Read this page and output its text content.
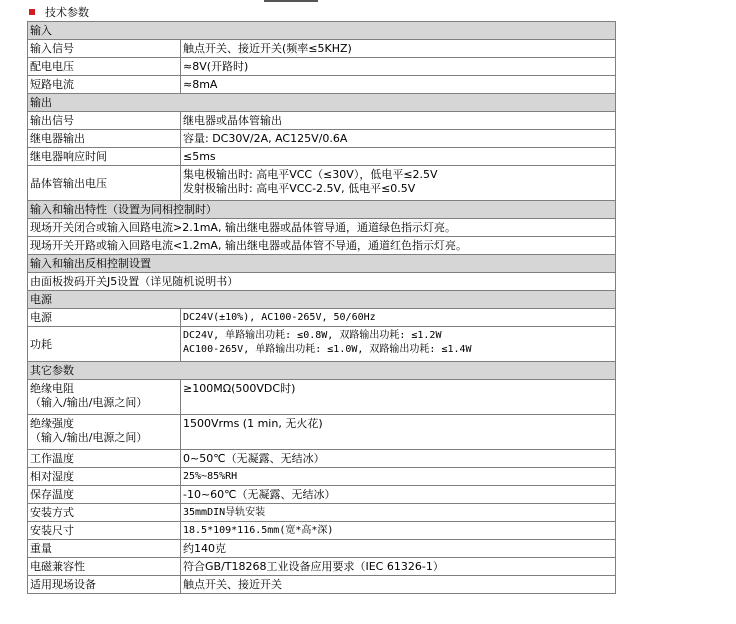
技术参数
输入	
输入信号	触点开关、接近开关(频率≤5KHZ)
配电电压	≈8V(开路时)
短路电流	≈8mA
输出	
输出信号	继电器或晶体管输出
继电器输出	容量: DC30V/2A, AC125V/0.6A
继电器响应时间	≤5ms
晶体管输出电压	集电极输出时: 高电平VCC（≤30V），低电平≤2.5V
发射极输出时: 高电平VCC-2.5V, 低电平≤0.5V

输入和输出特性（设置为同相控制时）	
现场开关闭合或输入回路电流>2.1mA, 输出继电器或晶体管导通，通道绿色指示灯亮。	
现场开关开路或输入回路电流<1.2mA, 输出继电器或晶体管不导通，通道红色指示灯亮。	
输入和输出反相控制设置	
由面板拨码开关J5设置（详见随机说明书）	
电源	
电源	DC24V(±10%), AC100-265V, 50/60Hz
功耗	DC24V, 单路输出功耗: ≤0.8W, 双路输出功耗: ≤1.2W
AC100-265V, 单路输出功耗: ≤1.0W, 双路输出功耗: ≤1.4W

其它参数	

绝缘电阻
（输入/输出/电源之间）	≥100MΩ(500VDC时)

绝缘强度
（输入/输出/电源之间）	1500Vrms (1 min, 无火花)
工作温度	0~50℃（无凝露、无结冰）
相对湿度	25%~85%RH
保存温度	-10~60℃（无凝露、无结冰）
安装方式	35mmDIN导轨安装
安装尺寸	18.5*109*116.5mm(宽*高*深)
重量	约140克
电磁兼容性	符合GB/T18268工业设备应用要求（IEC 61326-1）
适用现场设备	触点开关、接近开关
